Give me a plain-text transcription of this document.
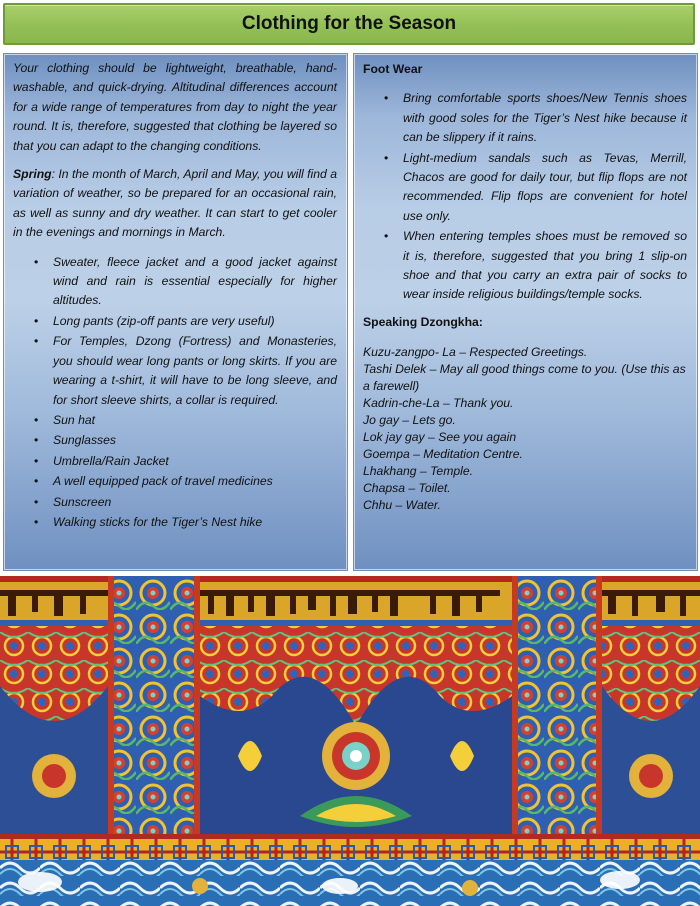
Clothing for the Season

Your clothing should be lightweight, breathable, hand-washable, and quick-drying. Altitudinal differences account for a wide range of temperatures from day to night the year round. It is, therefore, suggested that clothing be layered so that you can adapt to the changing conditions.

Spring: In the month of March, April and May, you will find a variation of weather, so be prepared for an occasional rain, as well as sunny and dry weather. It can start to get cooler in the evenings and mornings in March.

• Sweater, fleece jacket and a good jacket against wind and rain is essential especially for higher altitudes.
• Long pants (zip-off pants are very useful)
• For Temples, Dzong (Fortress) and Monasteries, you should wear long pants or long skirts. If you are wearing a t-shirt, it will have to be long sleeve, and for short sleeve shirts, a collar is required.
• Sun hat
• Sunglasses
• Umbrella/Rain Jacket
• A well equipped pack of travel medicines
• Sunscreen
• Walking sticks for the Tiger’s Nest hike

Foot Wear

• Bring comfortable sports shoes/New Tennis shoes with good soles for the Tiger’s Nest hike because it can be slippery if it rains.
• Light-medium sandals such as Tevas, Merrill, Chacos are good for daily tour, but flip flops are not recommended. Flip flops are convenient for hotel use only.
• When entering temples shoes must be removed so it is, therefore, suggested that you bring 1 slip-on shoe and that you carry an extra pair of socks to wear inside religious buildings/temple socks.

Speaking Dzongkha:

Kuzu-zangpo- La – Respected Greetings.

Tashi Delek – May all good things come to you. (Use this as a farewell)

Kadrin-che-La – Thank you.

Jo gay – Lets go.

Lok jay gay – See you again

Goempa – Meditation Centre.

Lhakhang – Temple.

Chapsa – Toilet.

Chhu – Water.
